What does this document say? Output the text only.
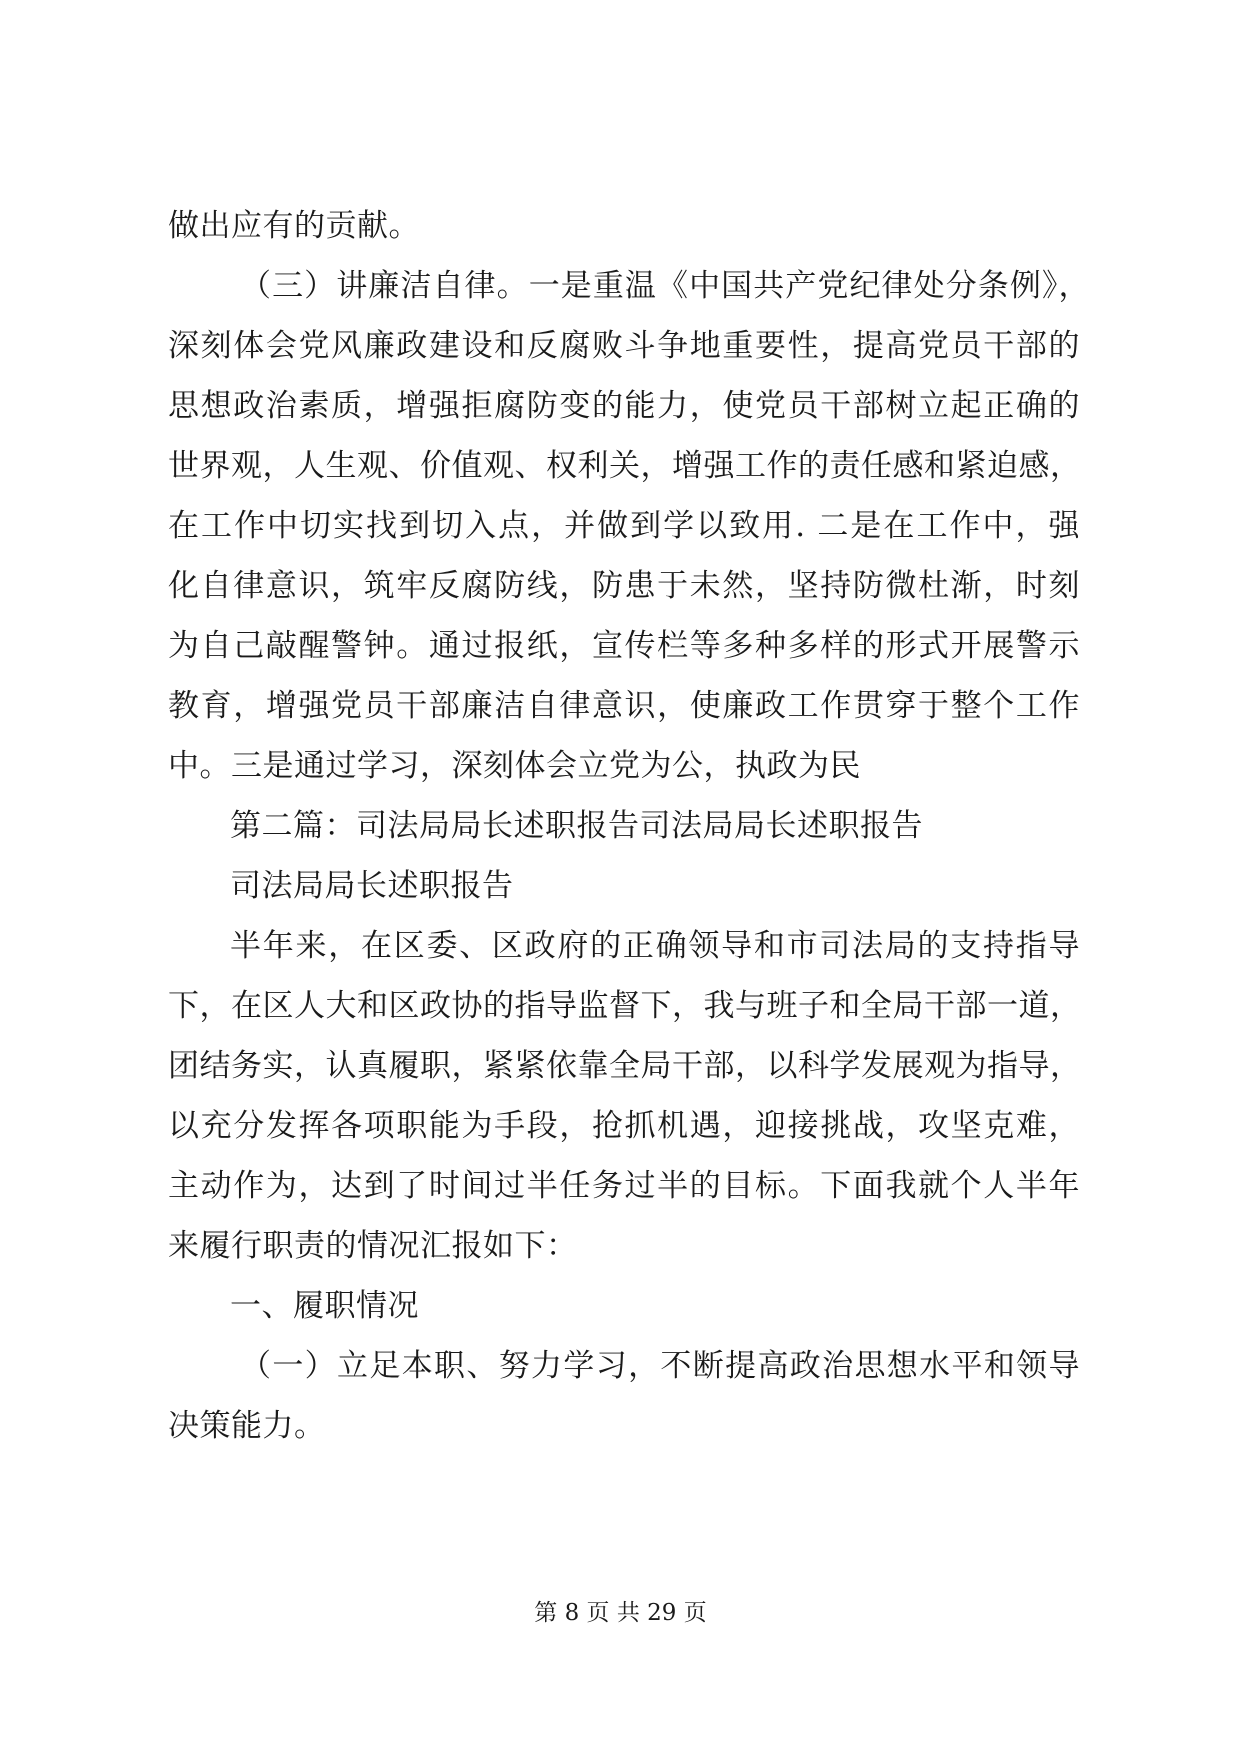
做出应有的贡献。
（三）讲廉洁自律。一是重温《中国共产党纪律处分条例》，
深刻体会党风廉政建设和反腐败斗争地重要性，提高党员干部的
思想政治素质，增强拒腐防变的能力，使党员干部树立起正确的
世界观，人生观、价值观、权利关，增强工作的责任感和紧迫感，
在工作中切实找到切入点，并做到学以致用. 二是在工作中，强
化自律意识，筑牢反腐防线，防患于未然，坚持防微杜渐，时刻
为自己敲醒警钟。通过报纸，宣传栏等多种多样的形式开展警示
教育，增强党员干部廉洁自律意识，使廉政工作贯穿于整个工作
中。三是通过学习，深刻体会立党为公，执政为民
第二篇：司法局局长述职报告司法局局长述职报告
司法局局长述职报告
半年来，在区委、区政府的正确领导和市司法局的支持指导
下，在区人大和区政协的指导监督下，我与班子和全局干部一道，
团结务实，认真履职，紧紧依靠全局干部，以科学发展观为指导，
以充分发挥各项职能为手段，抢抓机遇，迎接挑战，攻坚克难，
主动作为，达到了时间过半任务过半的目标。下面我就个人半年
来履行职责的情况汇报如下：
一、履职情况
（一）立足本职、努力学习，不断提高政治思想水平和领导
决策能力。
第 8 页 共 29 页
